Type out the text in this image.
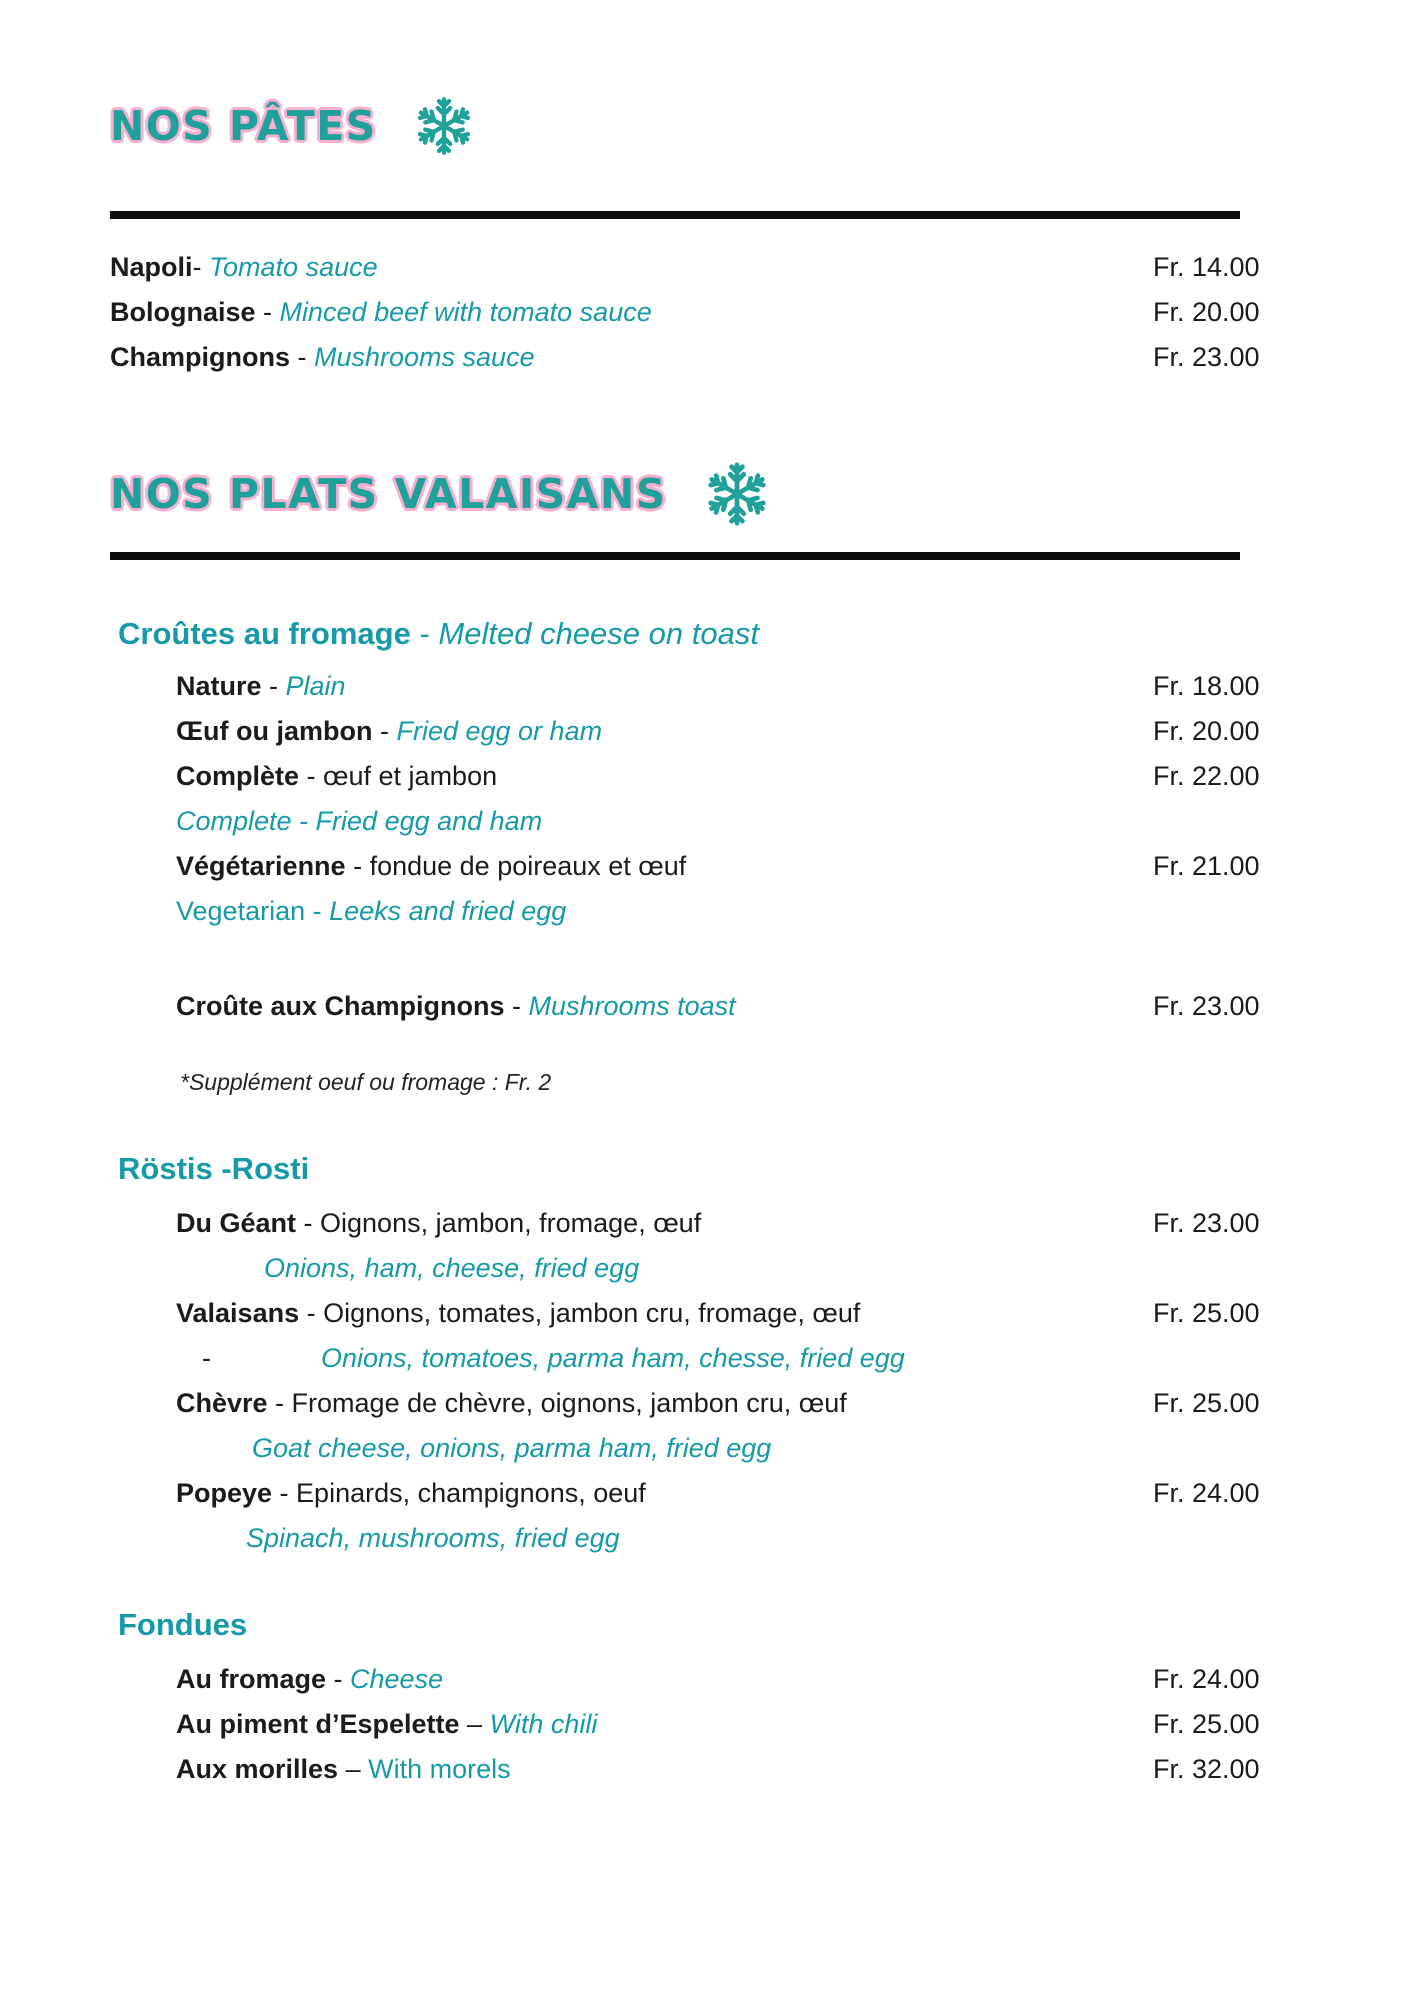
NOS PÂTES
Napoli- Tomato sauce	Fr. 14.00
Bolognaise - Minced beef with tomato sauce	Fr. 20.00
Champignons - Mushrooms sauce	Fr. 23.00
NOS PLATS VALAISANS
Croûtes au fromage - Melted cheese on toast
Nature - Plain	Fr. 18.00
Œuf ou jambon - Fried egg or ham	Fr. 20.00
Complète - œuf et jambon
Complete - Fried egg and ham
Fr. 22.00
Végétarienne - fondue de poireaux et œuf
Vegetarian - Leeks and fried egg
Fr. 21.00
Croûte aux Champignons - Mushrooms toast	Fr. 23.00
*Supplément oeuf ou fromage : Fr. 2
Röstis -Rosti
Du Géant - Oignons, jambon, fromage, œuf
Onions, ham, cheese, fried egg
Fr. 23.00
Valaisans - Oignons, tomates, jambon cru, fromage, œuf
-	Onions, tomatoes, parma ham, chesse, fried egg
Fr. 25.00
Chèvre - Fromage de chèvre, oignons, jambon cru, œuf
Goat cheese, onions, parma ham, fried egg
Fr. 25.00
Popeye - Epinards, champignons, oeuf
Spinach, mushrooms, fried egg
Fr. 24.00
Fondues
Au fromage - Cheese	Fr. 24.00
Au piment d’Espelette – With chili	Fr. 25.00
Aux morilles – With morels	Fr. 32.00
